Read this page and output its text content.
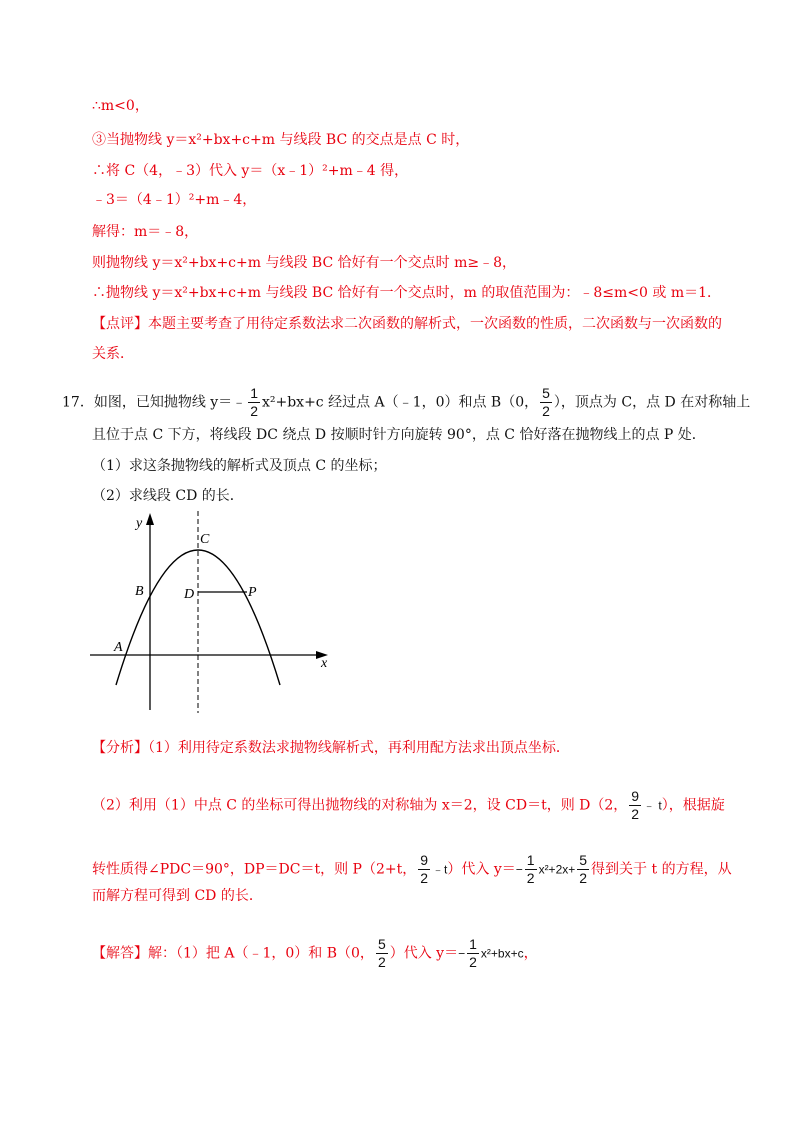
∴m<0，
③当抛物线 y＝x²+bx+c+m 与线段 BC 的交点是点 C 时，
∴将 C（4，﹣3）代入 y＝（x﹣1）²+m﹣4 得，
﹣3＝（4﹣1）²+m﹣4，
解得：m＝﹣8，
则抛物线 y＝x²+bx+c+m 与线段 BC 恰好有一个交点时 m≥﹣8，
∴抛物线 y＝x²+bx+c+m 与线段 BC 恰好有一个交点时，m 的取值范围为：﹣8≤m<0 或 m＝1．
【点评】本题主要考查了用待定系数法求二次函数的解析式，一次函数的性质，二次函数与一次函数的
关系．
17．如图，已知抛物线 y＝﹣ $\frac{1}{2} x^2+bx+c$ 经过点 A（﹣1，0）和点 B（0， $\frac{5}{2}$ ），顶点为 C，点 D 在对称轴上
且位于点 C 下方，将线段 DC 绕点 D 按顺时针方向旋转 90°，点 C 恰好落在抛物线上的点 P 处．
（1）求这条抛物线的解析式及顶点 C 的坐标；
（2）求线段 CD 的长．
y
x
C
B	D	P
A
【分析】（1）利用待定系数法求抛物线解析式，再利用配方法求出顶点坐标．
（2）利用（1）中点 C 的坐标可得出抛物线的对称轴为 x＝2，设 CD＝t，则 D（2， $\frac{9}{2}$ ﹣ t），根据旋
转性质得∠PDC＝90°，DP＝DC＝t，则 P（2+t， $\frac{9}{2}$ ﹣t）代入 $y=- \frac{1}{2} x^2+2x+ \frac{5}{2}$ 得到关于 t 的方程，从
而解方程可得到 CD 的长．
【解答】解：（1）把 A（﹣1，0）和 B（0， $\frac{5}{2}$ ）代入 $y=- \frac{1}{2} x^2+bx+c$，
